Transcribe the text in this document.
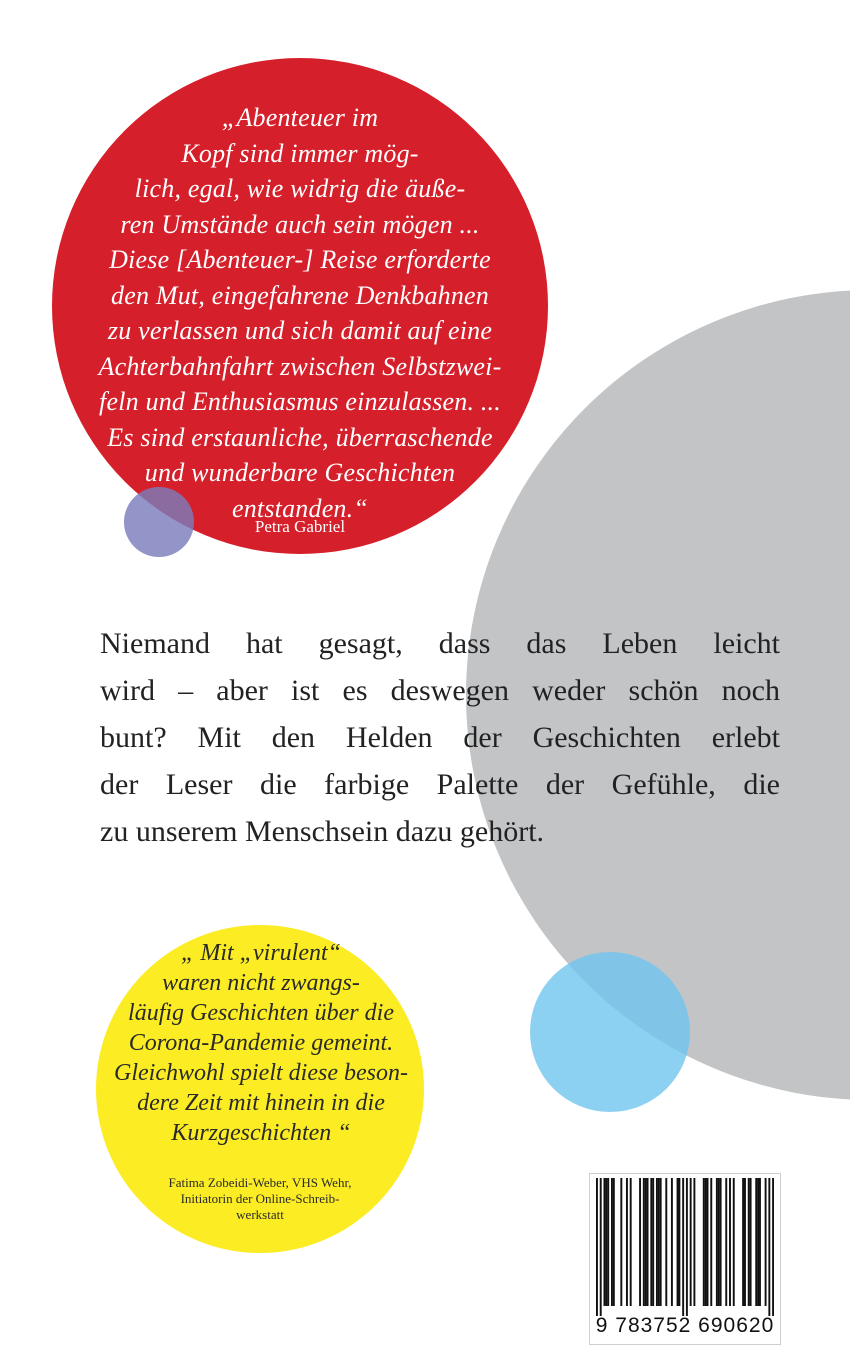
„Abenteuer im
Kopf sind immer mög-
lich, egal, wie widrig die äuße-
ren Umstände auch sein mögen ...
Diese [Abenteuer-] Reise erforderte
den Mut, eingefahrene Denkbahnen
zu verlassen und sich damit auf eine
Achterbahnfahrt zwischen Selbstzwei-
feln und Enthusiasmus einzulassen. ...
Es sind erstaunliche, überraschende
und wunderbare Geschichten
entstanden.“
Petra Gabriel
Niemand hat gesagt, dass das Leben leicht
wird – aber ist es deswegen weder schön noch
bunt? Mit den Helden der Geschichten erlebt
der Leser die farbige Palette der Gefühle, die
zu unserem Menschsein dazu gehört.
„ Mit „virulent“
waren nicht zwangs-
läufig Geschichten über die
Corona-Pandemie gemeint.
Gleichwohl spielt diese beson-
dere Zeit mit hinein in die
Kurzgeschichten “
Fatima Zobeidi-Weber, VHS Wehr,
Initiatorin der Online-Schreib-
werkstatt
9 783752 690620
